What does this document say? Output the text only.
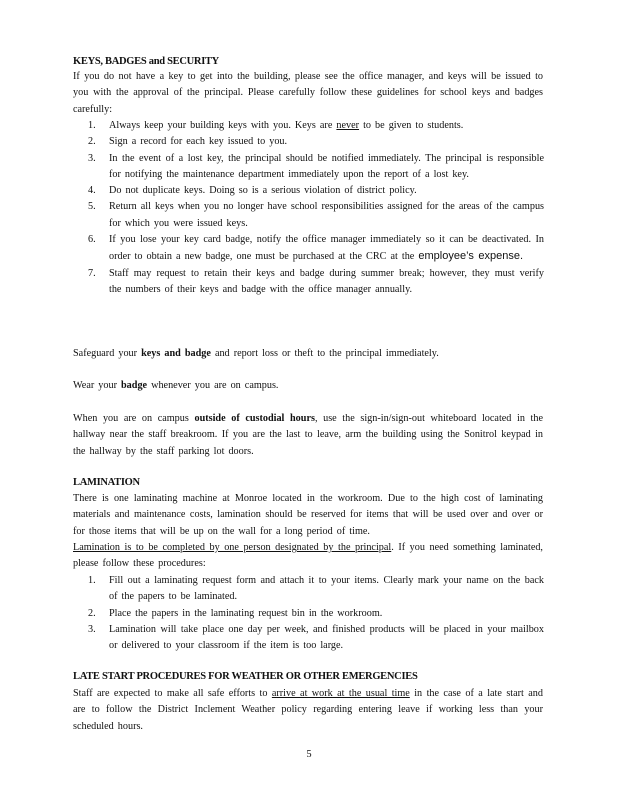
KEYS, BADGES and SECURITY
If you do not have a key to get into the building, please see the office manager, and keys will be issued to you with the approval of the principal. Please carefully follow these guidelines for school keys and badges carefully:
1. Always keep your building keys with you. Keys are never to be given to students.
2. Sign a record for each key issued to you.
3. In the event of a lost key, the principal should be notified immediately. The principal is responsible for notifying the maintenance department immediately upon the report of a lost key.
4. Do not duplicate keys. Doing so is a serious violation of district policy.
5. Return all keys when you no longer have school responsibilities assigned for the areas of the campus for which you were issued keys.
6. If you lose your key card badge, notify the office manager immediately so it can be deactivated. In order to obtain a new badge, one must be purchased at the CRC at the employee’s expense.
7. Staff may request to retain their keys and badge during summer break; however, they must verify the numbers of their keys and badge with the office manager annually.
Safeguard your keys and badge and report loss or theft to the principal immediately.
Wear your badge whenever you are on campus.
When you are on campus outside of custodial hours, use the sign-in/sign-out whiteboard located in the hallway near the staff breakroom. If you are the last to leave, arm the building using the Sonitrol keypad in the hallway by the staff parking lot doors.
LAMINATION
There is one laminating machine at Monroe located in the workroom. Due to the high cost of laminating materials and maintenance costs, lamination should be reserved for items that will be used over and over or for those items that will be up on the wall for a long period of time.
Lamination is to be completed by one person designated by the principal. If you need something laminated, please follow these procedures:
1. Fill out a laminating request form and attach it to your items. Clearly mark your name on the back of the papers to be laminated.
2. Place the papers in the laminating request bin in the workroom.
3. Lamination will take place one day per week, and finished products will be placed in your mailbox or delivered to your classroom if the item is too large.
LATE START PROCEDURES FOR WEATHER OR OTHER EMERGENCIES
Staff are expected to make all safe efforts to arrive at work at the usual time in the case of a late start and are to follow the District Inclement Weather policy regarding entering leave if working less than your scheduled hours.
5
